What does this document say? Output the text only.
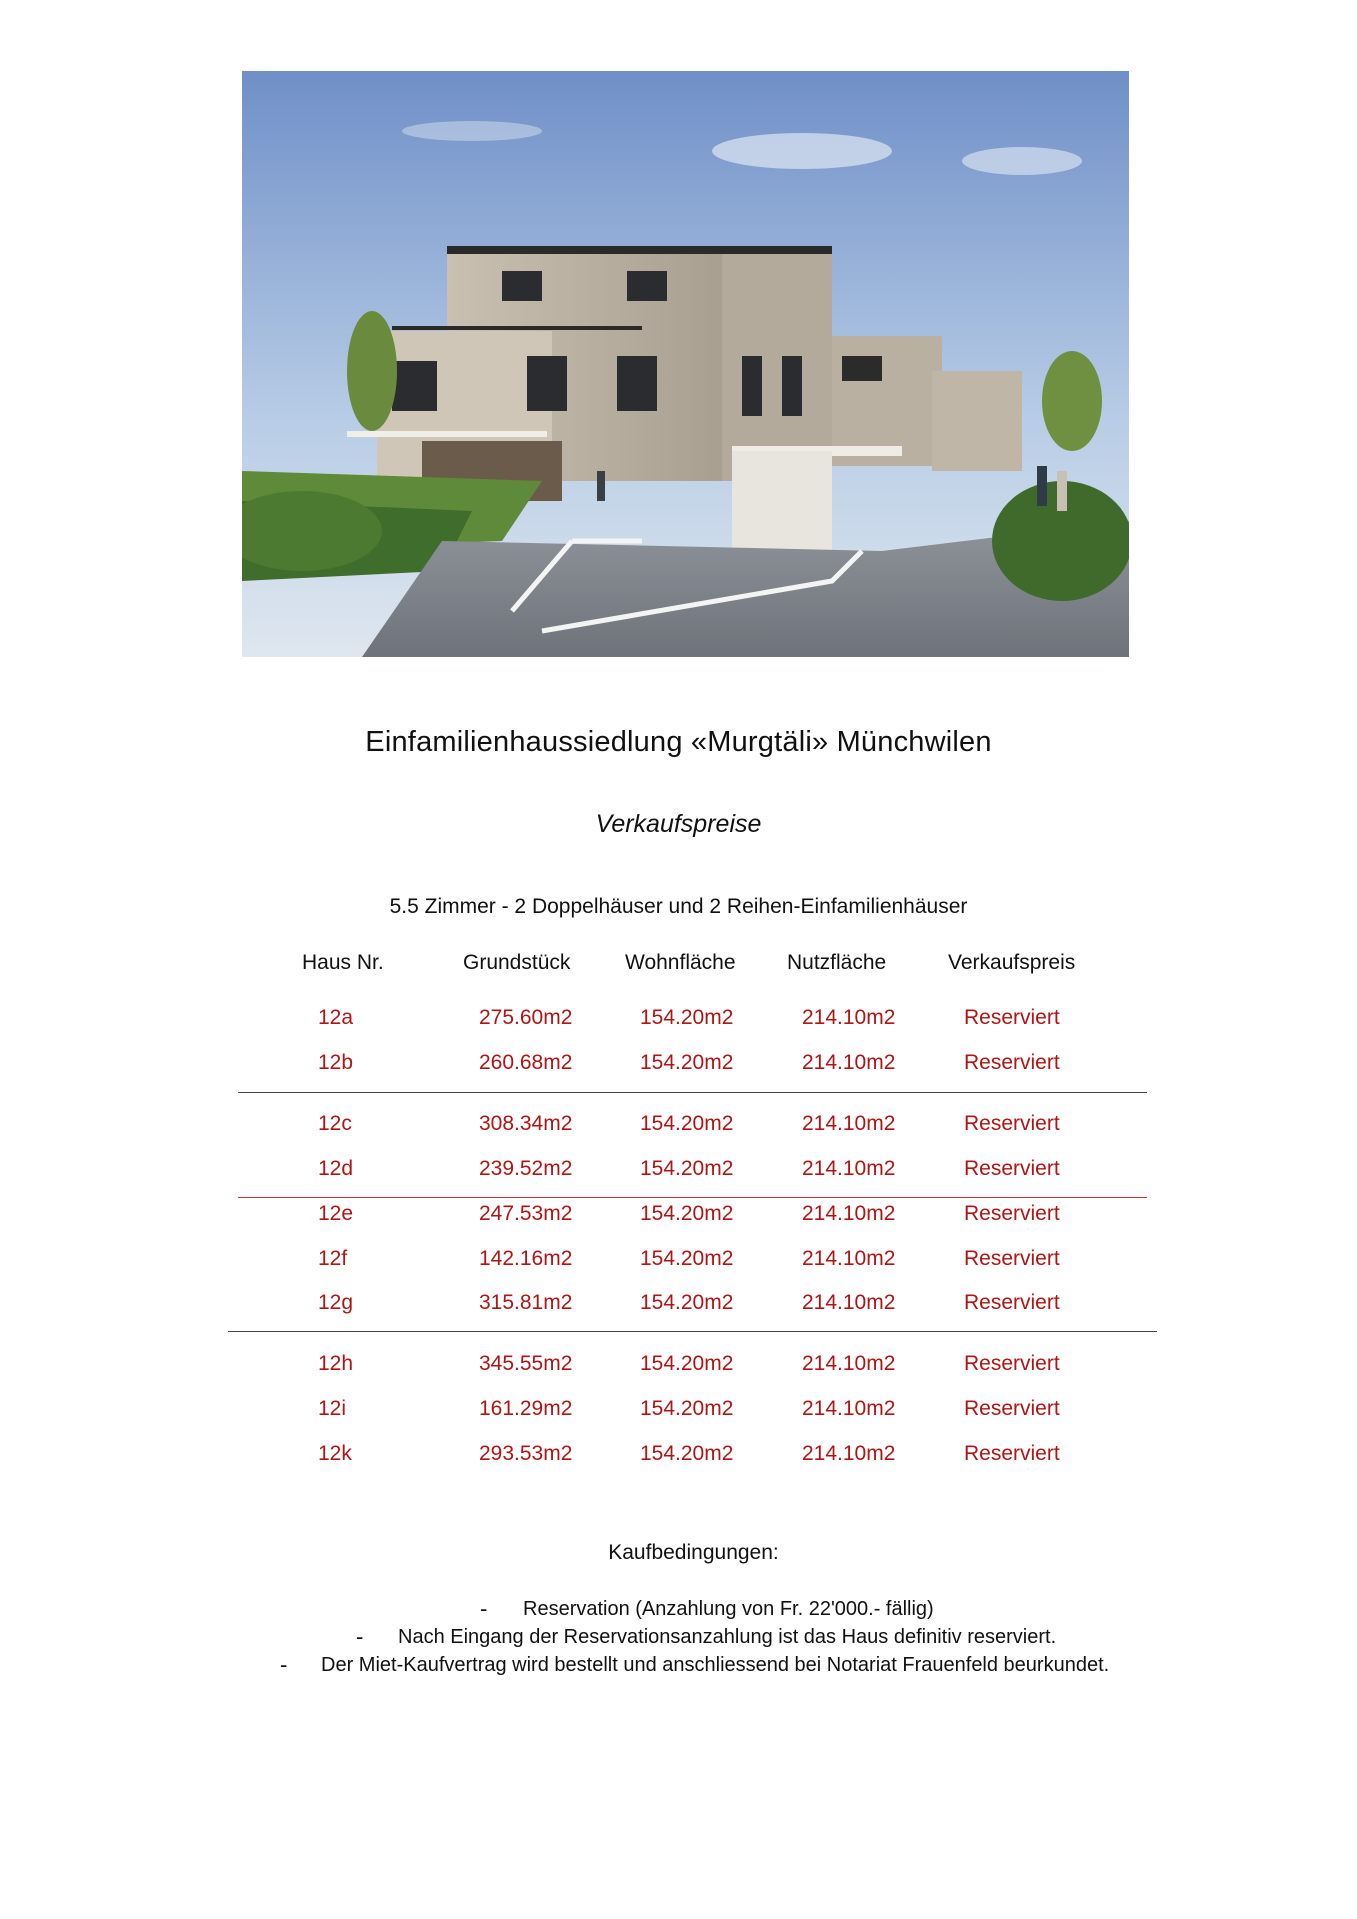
Einfamilienhaussiedlung «Murgtäli» Münchwilen
Verkaufspreise
5.5 Zimmer - 2 Doppelhäuser und 2 Reihen-Einfamilienhäuser
Haus Nr.	Grundstück	Wohnfläche Nutzfläche	Verkaufspreis
12a	275.60m2	154.20m2	214.10m2	Reserviert
12b	260.68m2	154.20m2	214.10m2	Reserviert
12c	308.34m2	154.20m2	214.10m2	Reserviert
12d	239.52m2	154.20m2	214.10m2	Reserviert
12e	247.53m2	154.20m2	214.10m2	Reserviert
12f	142.16m2	154.20m2	214.10m2	Reserviert
12g	315.81m2	154.20m2	214.10m2	Reserviert
12h	345.55m2	154.20m2	214.10m2	Reserviert
12i	161.29m2	154.20m2	214.10m2	Reserviert
12k	293.53m2	154.20m2	214.10m2	Reserviert
Kaufbedingungen:
- Reservation (Anzahlung von Fr. 22'000.- fällig)
- Nach Eingang der Reservationsanzahlung ist das Haus definitiv reserviert.
- Der Miet-Kaufvertrag wird bestellt und anschliessend bei Notariat Frauenfeld beurkundet.
